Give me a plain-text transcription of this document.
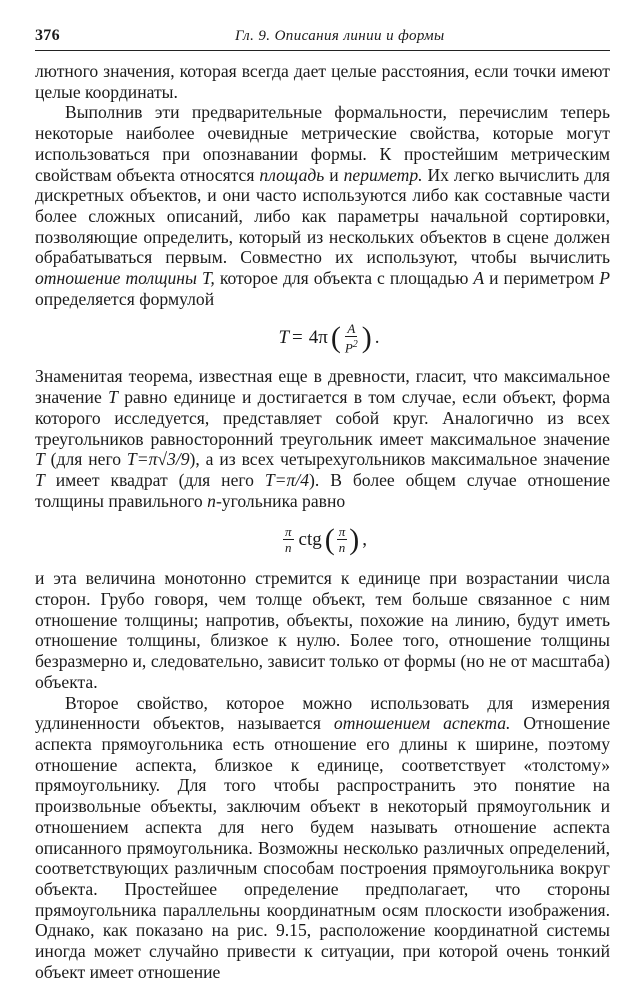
376	Гл. 9. Описания линии и формы

лютного значения, которая всегда дает целые расстояния, если точки имеют целые координаты.

Выполнив эти предварительные формальности, перечислим теперь некоторые наиболее очевидные метрические свойства, которые могут использоваться при опознавании формы. К простейшим метрическим свойствам объекта относятся площадь и периметр. Их легко вычислить для дискретных объектов, и они часто используются либо как составные части более сложных описаний, либо как параметры начальной сортировки, позволяющие определить, который из нескольких объектов в сцене должен обрабатываться первым. Совместно их используют, чтобы вычислить отношение толщины T, которое для объекта с площадью A и периметром P определяется формулой

T = 4π ( $\frac{A}{P^2}$ ) .

Знаменитая теорема, известная еще в древности, гласит, что максимальное значение T равно единице и достигается в том случае, если объект, форма которого исследуется, представляет собой круг. Аналогично из всех треугольников равносторонний треугольник имеет максимальное значение T (для него T=π√3/9), а из всех четырехугольников максимальное значение T имеет квадрат (для него T=π/4). В более общем случае отношение толщины правильного n-угольника равно

$\frac{\pi}{n}$ ctg ( $\frac{\pi}{n}$ ) ,

и эта величина монотонно стремится к единице при возрастании числа сторон. Грубо говоря, чем толще объект, тем больше связанное с ним отношение толщины; напротив, объекты, похожие на линию, будут иметь отношение толщины, близкое к нулю. Более того, отношение толщины безразмерно и, следовательно, зависит только от формы (но не от масштаба) объекта.

Второе свойство, которое можно использовать для измерения удлиненности объектов, называется отношением аспекта. Отношение аспекта прямоугольника есть отношение его длины к ширине, поэтому отношение аспекта, близкое к единице, соответствует «толстому» прямоугольнику. Для того чтобы распространить это понятие на произвольные объекты, заключим объект в некоторый прямоугольник и отношением аспекта для него будем называть отношение аспекта описанного прямоугольника. Возможны несколько различных определений, соответствующих различным способам построения прямоугольника вокруг объекта. Простейшее определение предполагает, что стороны прямоугольника параллельны координатным осям плоскости изображения. Однако, как показано на рис. 9.15, расположение координатной системы иногда может случайно привести к ситуации, при которой очень тонкий объект имеет отношение
